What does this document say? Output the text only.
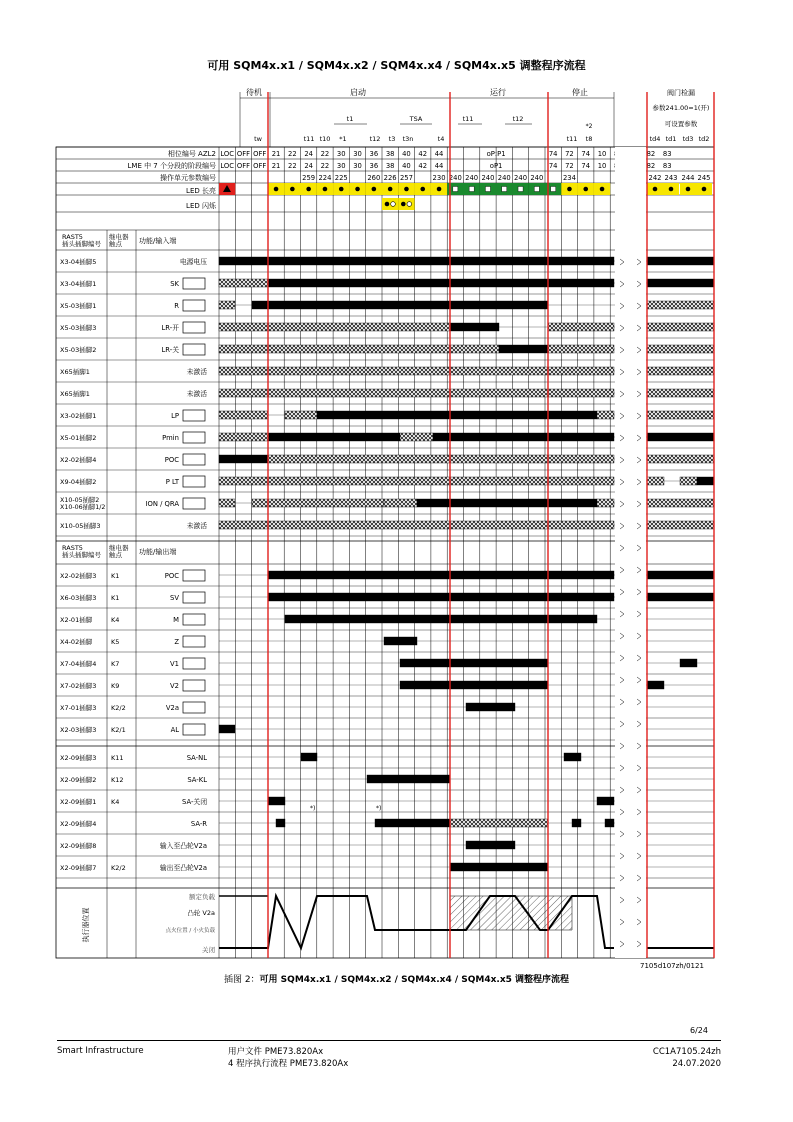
可用 SQM4x.x1 / SQM4x.x2 / SQM4x.x4 / SQM4x.x5 调整程序流程
待机	启动	运行	停止	阀门检漏
参数241.00=1(开)
可设置参数
tw	t11 t10 *1	t12 t3 t3n	t4	t11 t8
t1	TSA	t11	t12
*2
td4 td1 td3 td2
相位编号 AZL2
LME 中 7 个分段的阶段编号
操作单元参数编号
LED 长亮
LED 闪烁
LOC OFF OFF 21 22 24 22 30 30 36 38 40 42 44	oP:P1	74 72 74 10	82 83
LOC OFF OFF 21 22 24 22 30 30 36 38 40 42 44	oP1	74 72 74 10	82 83
259 224 225	260 226 257	230 240 240 240 240 240 240	234	242 243 244 245
RAST5
插头插脚编号
继电器
触点 功能/输入端
RAST5
插头插脚编号
继电器
触点 功能/输出端
X3-04插脚5	电源电压
X3-04插脚1	SK
X5-03插脚1	R
X5-03插脚3	LR-开
X5-03插脚2	LR-关
X65插脚1	未激活
X65插脚1	未激活
X3-02插脚1	LP
X5-01插脚2	Pmin
X2-02插脚4	POC
X9-04插脚2	P LT
X10-05插脚2
X10-06插脚1/2	ION / QRA
X10-05插脚3	未激活
X2-02插脚3 K1	POC
X6-03插脚3 K1	SV
X2-01插脚	K4	M
X4-02插脚	K5	Z
X7-04插脚4 K7	V1
X7-02插脚3 K9	V2
X7-01插脚3 K2/2	V2a
X2-03插脚3 K2/1	AL
X2-09插脚3 K11	SA-NL
X2-09插脚2 K12	SA-KL
X2-09插脚1 K4	SA-关闭
X2-09插脚4	SA-R
X2-09插脚8	输入至凸轮V2a
X2-09插脚7 K2/2	输出至凸轮V2a
*)	*)
执行器位置
额定负载
凸轮 V2a
点火位置 / 小火负载
关闭
7105d107zh/0121
插图 2：可用 SQM4x.x1 / SQM4x.x2 / SQM4x.x4 / SQM4x.x5 调整程序流程
6/24
Smart Infrastructure	用户文件 PME73.820Ax
4 程序执行流程 PME73.820Ax
CC1A7105.24zh
24.07.2020
